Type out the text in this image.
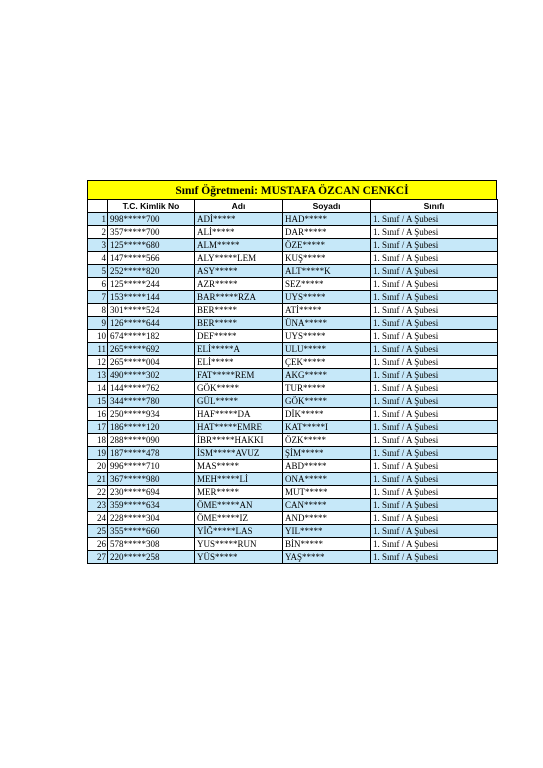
Sınıf Öğretmeni: MUSTAFA ÖZCAN CENKCİ
	T.C. Kimlik No	Adı	Soyadı	Sınıfı
1	998*****700	ADİ*****	HAD*****	1. Sınıf / A Şubesi
2	357*****700	ALİ*****	DAR*****	1. Sınıf / A Şubesi
3	125*****680	ALM*****	ÖZE*****	1. Sınıf / A Şubesi
4	147*****566	ALY*****LEM	KUŞ*****	1. Sınıf / A Şubesi
5	252*****820	ASY*****	ALT*****K	1. Sınıf / A Şubesi
6	125*****244	AZR*****	SEZ*****	1. Sınıf / A Şubesi
7	153*****144	BAR*****RZA	UYS*****	1. Sınıf / A Şubesi
8	301*****524	BER*****	ATİ*****	1. Sınıf / A Şubesi
9	126*****644	BER*****	ÜNA*****	1. Sınıf / A Şubesi
10	674*****182	DEF*****	UYS*****	1. Sınıf / A Şubesi
11	265*****692	ELİ*****A	ULU*****	1. Sınıf / A Şubesi
12	265*****004	ELİ*****	ÇEK*****	1. Sınıf / A Şubesi
13	490*****302	FAT*****REM	AKG*****	1. Sınıf / A Şubesi
14	144*****762	GÖK*****	TUR*****	1. Sınıf / A Şubesi
15	344*****780	GÜL*****	GÖK*****	1. Sınıf / A Şubesi
16	250*****934	HAF*****DA	DİK*****	1. Sınıf / A Şubesi
17	186*****120	HAT*****EMRE	KAT*****I	1. Sınıf / A Şubesi
18	288*****090	İBR*****HAKKI	ÖZK*****	1. Sınıf / A Şubesi
19	187*****478	İSM*****AVUZ	ŞİM*****	1. Sınıf / A Şubesi
20	996*****710	MAS*****	ABD*****	1. Sınıf / A Şubesi
21	367*****980	MEH*****Lİ	ONA*****	1. Sınıf / A Şubesi
22	230*****694	MER*****	MUT*****	1. Sınıf / A Şubesi
23	359*****634	ÖME*****AN	CAN*****	1. Sınıf / A Şubesi
24	228*****304	ÖME*****IZ	AND*****	1. Sınıf / A Şubesi
25	355*****660	YİĞ*****LAS	YIL*****	1. Sınıf / A Şubesi
26	578*****308	YUS*****RUN	BİN*****	1. Sınıf / A Şubesi
27	220*****258	YÜS*****	YAŞ*****	1. Sınıf / A Şubesi
